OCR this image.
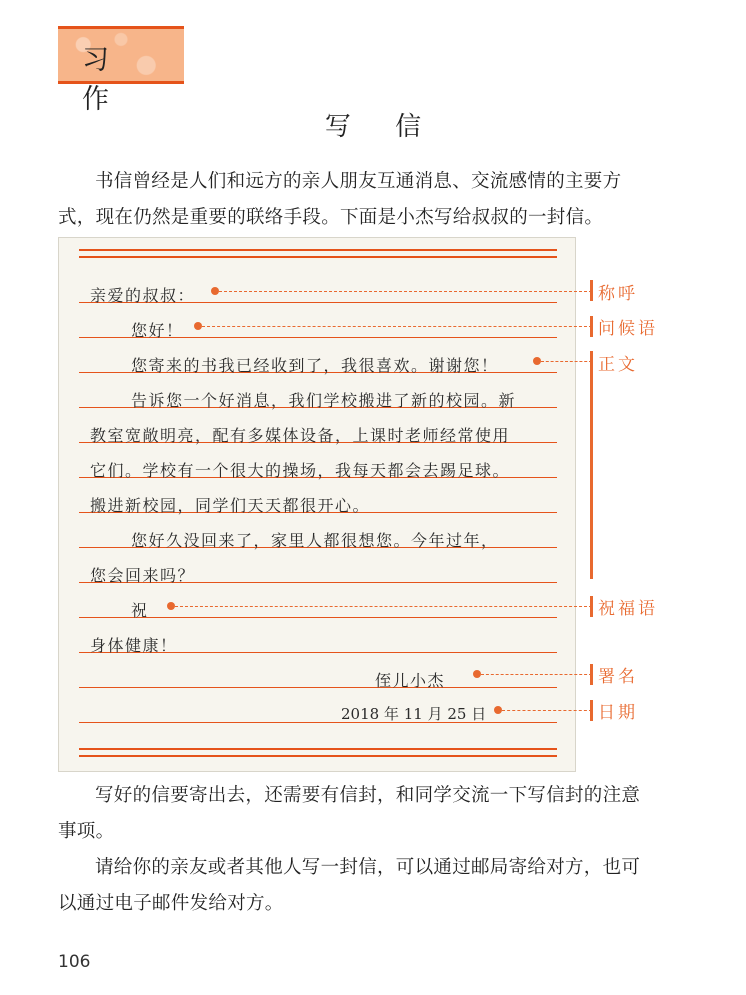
习 作
写 信
书信曾经是人们和远方的亲人朋友互通消息、交流感情的主要方式，现在仍然是重要的联络手段。下面是小杰写给叔叔的一封信。
亲爱的叔叔：
您好！
您寄来的书我已经收到了，我很喜欢。谢谢您！
告诉您一个好消息，我们学校搬进了新的校园。新
教室宽敞明亮，配有多媒体设备，上课时老师经常使用
它们。学校有一个很大的操场，我每天都会去踢足球。
搬进新校园，同学们天天都很开心。
您好久没回来了，家里人都很想您。今年过年，
您会回来吗？
祝
身体健康！
侄儿小杰
2018 年 11 月 25 日
称呼
问候语
正文
祝福语
署名
日期
写好的信要寄出去，还需要有信封，和同学交流一下写信封的注意事项。
请给你的亲友或者其他人写一封信，可以通过邮局寄给对方，也可以通过电子邮件发给对方。
106
